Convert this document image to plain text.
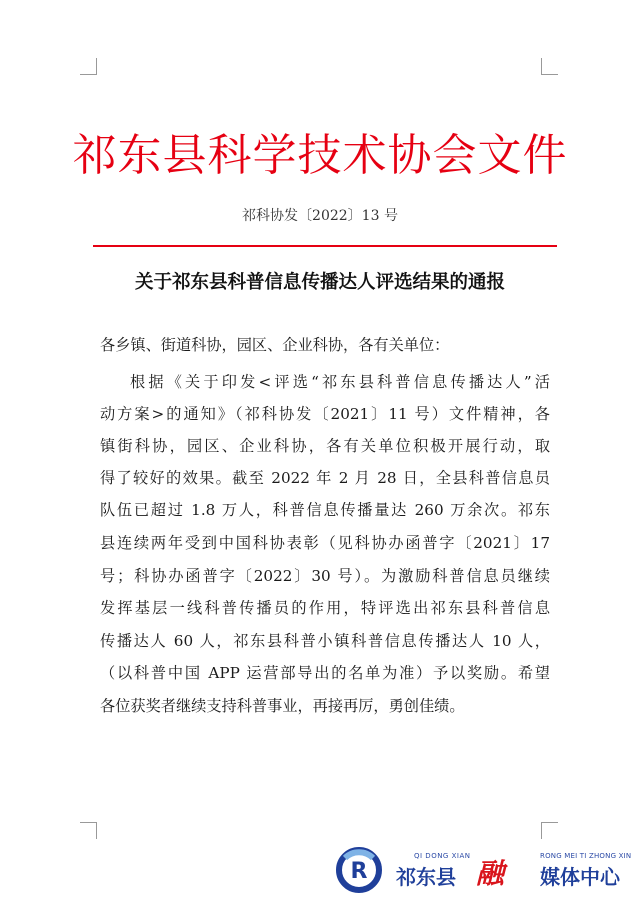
祁东县科学技术协会文件
祁科协发〔2022〕13 号
关于祁东县科普信息传播达人评选结果的通报
各乡镇、街道科协，园区、企业科协，各有关单位：
根据《关于印发<评选“祁东县科普信息传播达人”活
动方案>的通知》（祁科协发〔2021〕11 号）文件精神，各
镇街科协，园区、企业科协，各有关单位积极开展行动，取
得了较好的效果。截至 2022 年 2 月 28 日，全县科普信息员
队伍已超过 1.8 万人，科普信息传播量达 260 万余次。祁东
县连续两年受到中国科协表彰（见科协办函普字〔2021〕17
号；科协办函普字〔2022〕30 号）。为激励科普信息员继续
发挥基层一线科普传播员的作用，特评选出祁东县科普信息
传播达人 60 人，祁东县科普小镇科普信息传播达人 10 人，
（以科普中国 APP 运营部导出的名单为准）予以奖励。希望
各位获奖者继续支持科普事业，再接再厉，勇创佳绩。
R
QI DONG XIAN	RONG MEI TI ZHONG XIN
祁东县 融 媒体中心
